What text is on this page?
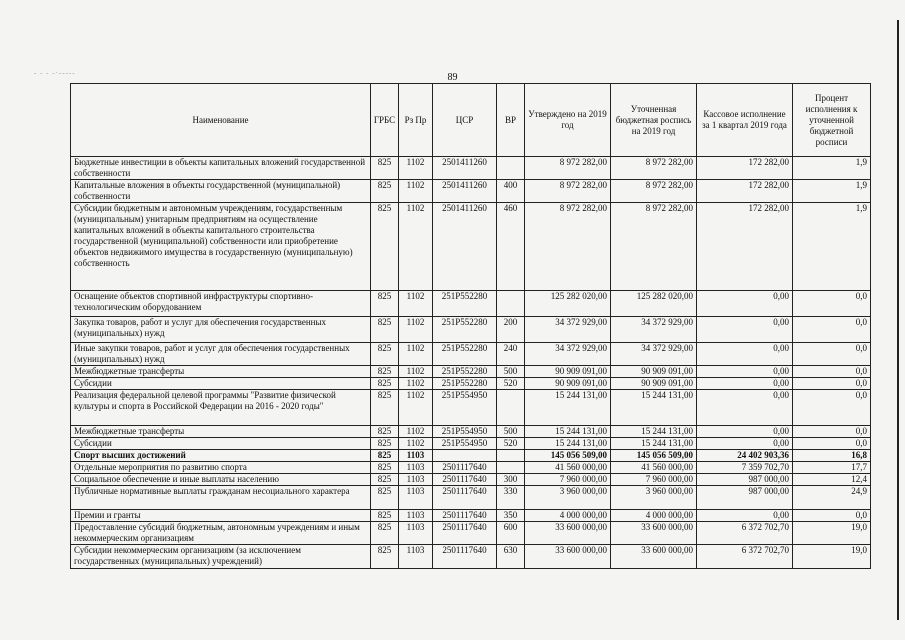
- - - -·-----	89
Наименование	ГРБС	Рз Пр	ЦСР	ВР	Утверждено на 2019 год	Уточненная бюджетная роспись на 2019 год	Кассовое исполнение за 1 квартал 2019 года	Процент исполнения к уточненной бюджетной росписи
Бюджетные инвестиции в объекты капитальных вложений государственной собственности	825	1102	2501411260		8 972 282,00	8 972 282,00	172 282,00	1,9
Капитальные вложения в объекты государственной (муниципальной) собственности	825	1102	2501411260	400	8 972 282,00	8 972 282,00	172 282,00	1,9
Субсидии бюджетным и автономным учреждениям, государственным (муниципальным) унитарным предприятиям на осуществление капитальных вложений в объекты капитального строительства государственной (муниципальной) собственности или приобретение объектов недвижимого имущества в государственную (муниципальную) собственность	825	1102	2501411260	460	8 972 282,00	8 972 282,00	172 282,00	1,9
Оснащение объектов спортивной инфраструктуры спортивно-технологическим оборудованием	825	1102	251P552280		125 282 020,00	125 282 020,00	0,00	0,0
Закупка товаров, работ и услуг для обеспечения государственных (муниципальных) нужд	825	1102	251P552280	200	34 372 929,00	34 372 929,00	0,00	0,0
Иные закупки товаров, работ и услуг для обеспечения государственных (муниципальных) нужд	825	1102	251P552280	240	34 372 929,00	34 372 929,00	0,00	0,0
Межбюджетные трансферты	825	1102	251P552280	500	90 909 091,00	90 909 091,00	0,00	0,0
Субсидии	825	1102	251P552280	520	90 909 091,00	90 909 091,00	0,00	0,0
Реализация федеральной целевой программы "Развитие физической культуры и спорта в Российской Федерации на 2016 - 2020 годы"	825	1102	251P554950		15 244 131,00	15 244 131,00	0,00	0,0
Межбюджетные трансферты	825	1102	251P554950	500	15 244 131,00	15 244 131,00	0,00	0,0
Субсидии	825	1102	251P554950	520	15 244 131,00	15 244 131,00	0,00	0,0
Спорт высших достижений	825	1103			145 056 509,00	145 056 509,00	24 402 903,36	16,8
Отдельные мероприятия по развитию спорта	825	1103	2501117640		41 560 000,00	41 560 000,00	7 359 702,70	17,7
Социальное обеспечение и иные выплаты населению	825	1103	2501117640	300	7 960 000,00	7 960 000,00	987 000,00	12,4
Публичные нормативные выплаты гражданам несоциального характера	825	1103	2501117640	330	3 960 000,00	3 960 000,00	987 000,00	24,9
Премии и гранты	825	1103	2501117640	350	4 000 000,00	4 000 000,00	0,00	0,0
Предоставление субсидий бюджетным, автономным учреждениям и иным некоммерческим организациям	825	1103	2501117640	600	33 600 000,00	33 600 000,00	6 372 702,70	19,0
Субсидии некоммерческим организациям (за исключением государственных (муниципальных) учреждений)	825	1103	2501117640	630	33 600 000,00	33 600 000,00	6 372 702,70	19,0
